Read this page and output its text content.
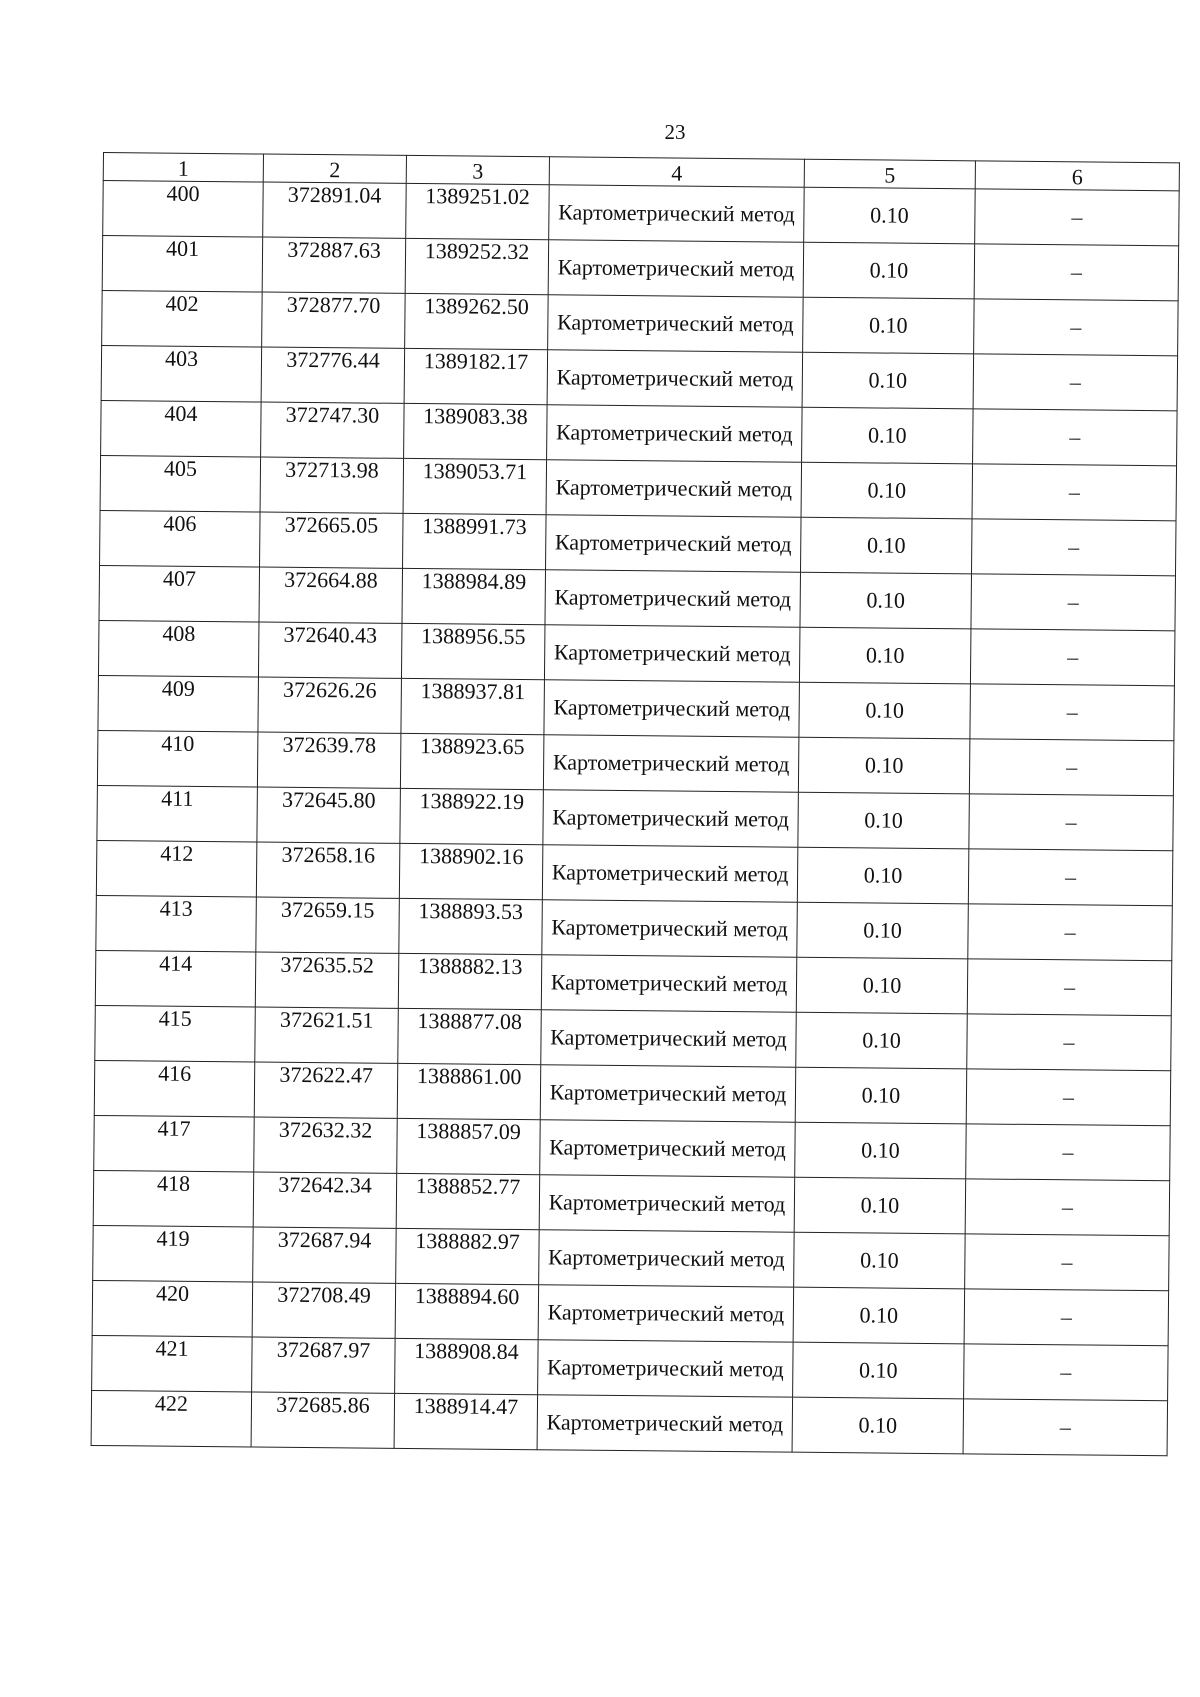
23
1	2	3	4	5	6
400	372891.04	1389251.02	Картометрический метод	0.10	–
401	372887.63	1389252.32	Картометрический метод	0.10	–
402	372877.70	1389262.50	Картометрический метод	0.10	–
403	372776.44	1389182.17	Картометрический метод	0.10	–
404	372747.30	1389083.38	Картометрический метод	0.10	–
405	372713.98	1389053.71	Картометрический метод	0.10	–
406	372665.05	1388991.73	Картометрический метод	0.10	–
407	372664.88	1388984.89	Картометрический метод	0.10	–
408	372640.43	1388956.55	Картометрический метод	0.10	–
409	372626.26	1388937.81	Картометрический метод	0.10	–
410	372639.78	1388923.65	Картометрический метод	0.10	–
411	372645.80	1388922.19	Картометрический метод	0.10	–
412	372658.16	1388902.16	Картометрический метод	0.10	–
413	372659.15	1388893.53	Картометрический метод	0.10	–
414	372635.52	1388882.13	Картометрический метод	0.10	–
415	372621.51	1388877.08	Картометрический метод	0.10	–
416	372622.47	1388861.00	Картометрический метод	0.10	–
417	372632.32	1388857.09	Картометрический метод	0.10	–
418	372642.34	1388852.77	Картометрический метод	0.10	–
419	372687.94	1388882.97	Картометрический метод	0.10	–
420	372708.49	1388894.60	Картометрический метод	0.10	–
421	372687.97	1388908.84	Картометрический метод	0.10	–
422	372685.86	1388914.47	Картометрический метод	0.10	–
